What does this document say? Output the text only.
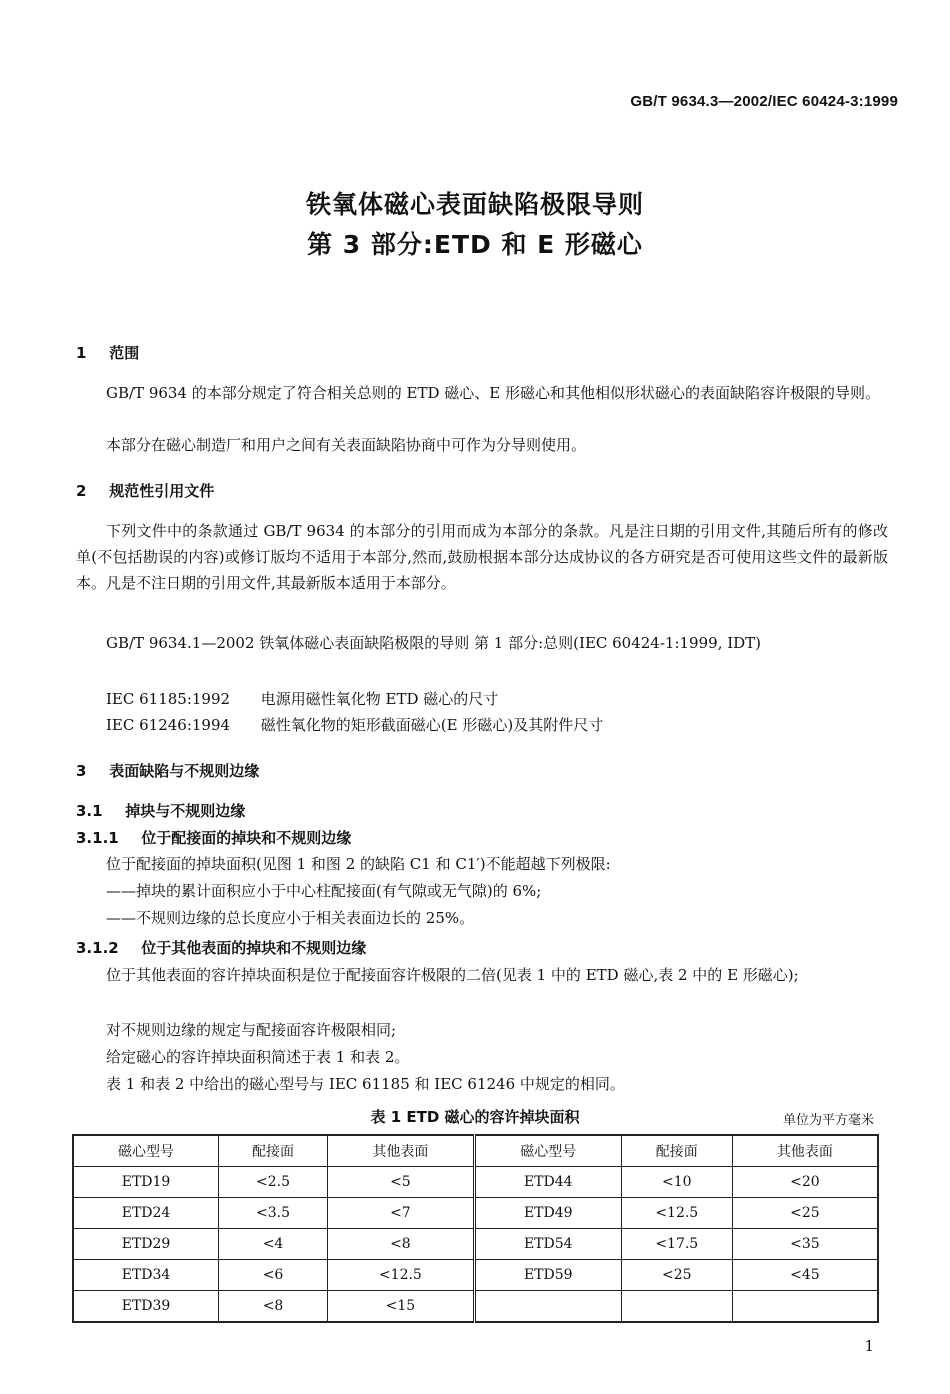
GB/T 9634.3—2002/IEC 60424-3:1999
铁氧体磁心表面缺陷极限导则
第 3 部分:ETD 和 E 形磁心
1 范围
GB/T 9634 的本部分规定了符合相关总则的 ETD 磁心、E 形磁心和其他相似形状磁心的表面缺陷容许极限的导则。
本部分在磁心制造厂和用户之间有关表面缺陷协商中可作为分导则使用。
2 规范性引用文件
下列文件中的条款通过 GB/T 9634 的本部分的引用而成为本部分的条款。凡是注日期的引用文件,其随后所有的修改单(不包括勘误的内容)或修订版均不适用于本部分,然而,鼓励根据本部分达成协议的各方研究是否可使用这些文件的最新版本。凡是不注日期的引用文件,其最新版本适用于本部分。
GB/T 9634.1—2002 铁氧体磁心表面缺陷极限的导则 第 1 部分:总则(IEC 60424-1:1999, IDT)
IEC 61185:1992 电源用磁性氧化物 ETD 磁心的尺寸
IEC 61246:1994 磁性氧化物的矩形截面磁心(E 形磁心)及其附件尺寸
3 表面缺陷与不规则边缘
3.1 掉块与不规则边缘
3.1.1 位于配接面的掉块和不规则边缘
位于配接面的掉块面积(见图 1 和图 2 的缺陷 C1 和 C1′)不能超越下列极限:
——掉块的累计面积应小于中心柱配接面(有气隙或无气隙)的 6%;
——不规则边缘的总长度应小于相关表面边长的 25%。
3.1.2 位于其他表面的掉块和不规则边缘
位于其他表面的容许掉块面积是位于配接面容许极限的二倍(见表 1 中的 ETD 磁心,表 2 中的 E 形磁心);
对不规则边缘的规定与配接面容许极限相同;
给定磁心的容许掉块面积简述于表 1 和表 2。
表 1 和表 2 中给出的磁心型号与 IEC 61185 和 IEC 61246 中规定的相同。
表 1 ETD 磁心的容许掉块面积	单位为平方毫米
磁心型号	配接面	其他表面	磁心型号	配接面	其他表面
ETD19	<2.5	<5	ETD44	<10	<20
ETD24	<3.5	<7	ETD49	<12.5	<25
ETD29	<4	<8	ETD54	<17.5	<35
ETD34	<6	<12.5	ETD59	<25	<45
ETD39	<8	<15			
1
